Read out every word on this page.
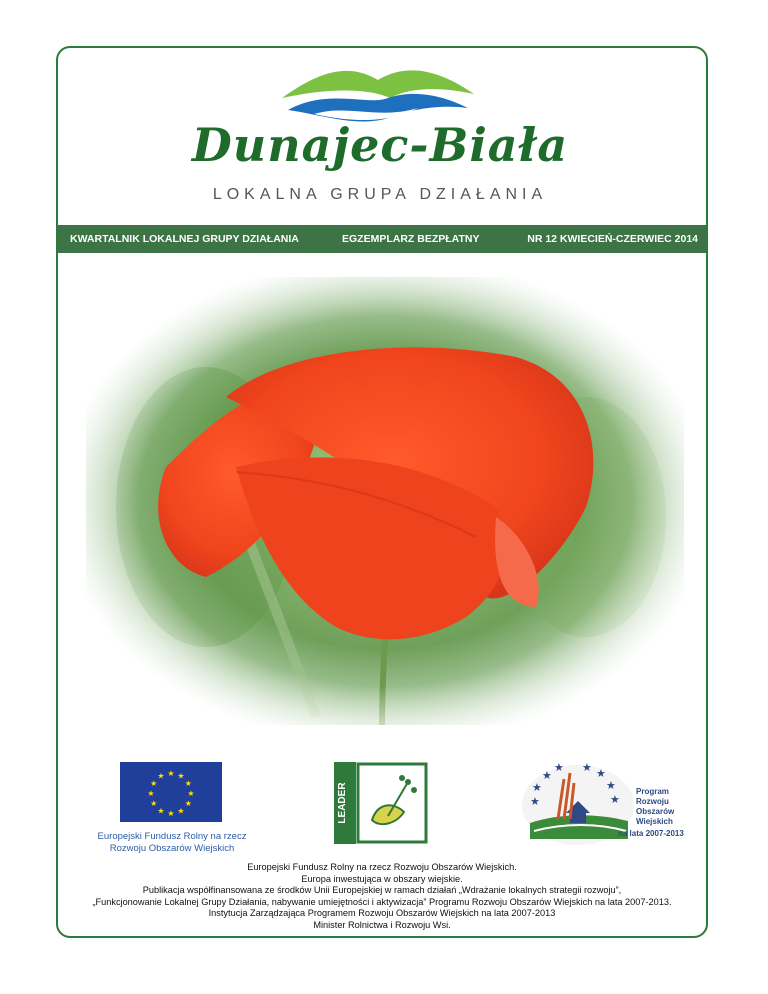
Dunajec-Biała
LOKALNA GRUPA DZIAŁANIA
KWARTALNIK LOKALNEJ GRUPY DZIAŁANIA	EGZEMPLARZ BEZPŁATNY	NR 12 KWIECIEŃ-CZERWIEC 2014
★ ★
★
★
★
★
★
★
★
★
★
★
Europejski Fundusz Rolny na rzecz
Rozwoju Obszarów Wiejskich
LEADER	★
★
★ ★ ★
★
★	★
Program
Rozwoju
Obszarów
Wiejskich
na lata 2007-2013
Europejski Fundusz Rolny na rzecz Rozwoju Obszarów Wiejskich.
Europa inwestująca w obszary wiejskie.
Publikacja współfinansowana ze środków Unii Europejskiej w ramach działań „Wdrażanie lokalnych strategii rozwoju”,
„Funkcjonowanie Lokalnej Grupy Działania, nabywanie umiejętności i aktywizacja” Programu Rozwoju Obszarów Wiejskich na lata 2007-2013.
Instytucja Zarządzająca Programem Rozwoju Obszarów Wiejskich na lata 2007-2013
Minister Rolnictwa i Rozwoju Wsi.
